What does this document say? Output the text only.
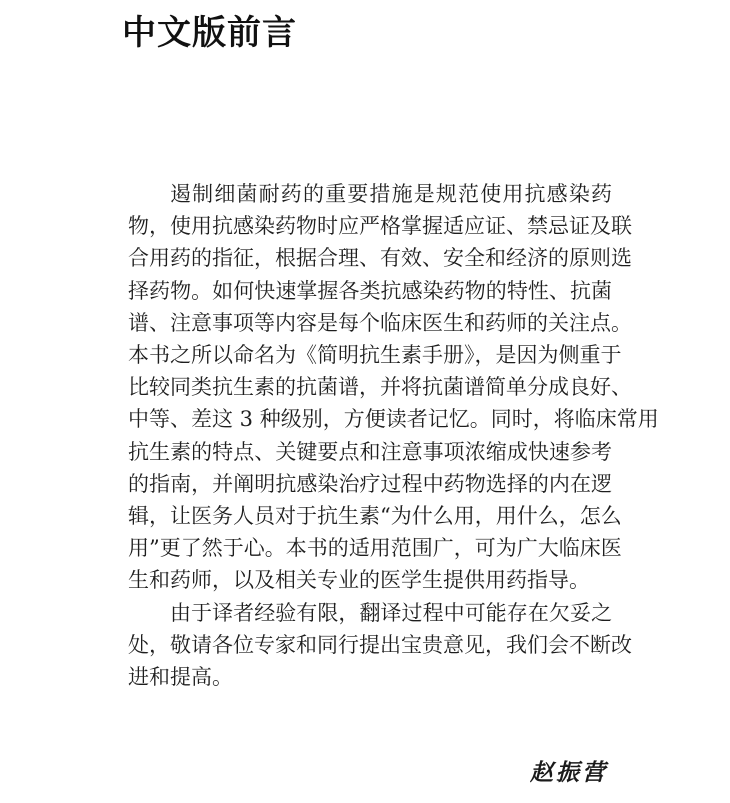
中文版前言
遏制细菌耐药的重要措施是规范使用抗感染药
物，使用抗感染药物时应严格掌握适应证、禁忌证及联
合用药的指征，根据合理、有效、安全和经济的原则选
择药物。如何快速掌握各类抗感染药物的特性、抗菌
谱、注意事项等内容是每个临床医生和药师的关注点。
本书之所以命名为《简明抗生素手册》，是因为侧重于
比较同类抗生素的抗菌谱，并将抗菌谱简单分成良好、
中等、差这 3 种级别，方便读者记忆。同时，将临床常用
抗生素的特点、关键要点和注意事项浓缩成快速参考
的指南，并阐明抗感染治疗过程中药物选择的内在逻
辑，让医务人员对于抗生素“为什么用，用什么，怎么
用”更了然于心。本书的适用范围广，可为广大临床医
生和药师，以及相关专业的医学生提供用药指导。
由于译者经验有限，翻译过程中可能存在欠妥之
处，敬请各位专家和同行提出宝贵意见，我们会不断改
进和提高。
赵振营
